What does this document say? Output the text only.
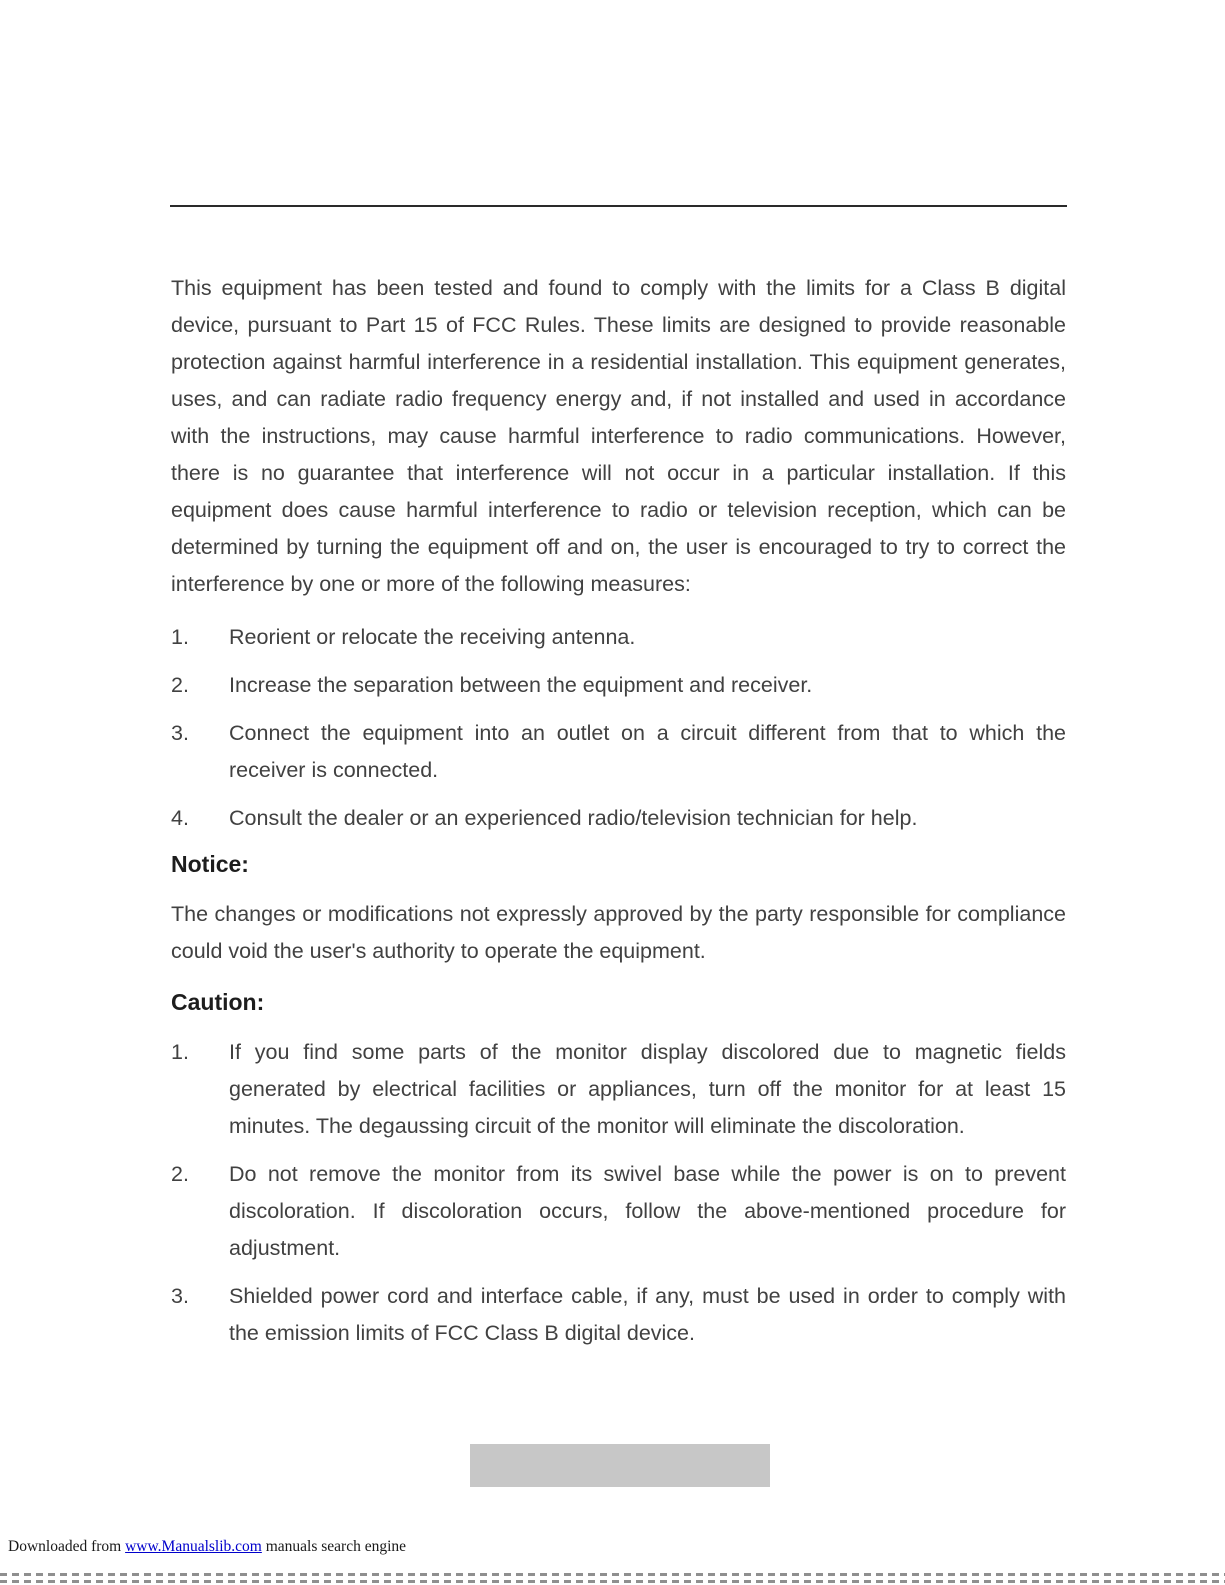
This equipment has been tested and found to comply with the limits for a Class B digital device, pursuant to Part 15 of FCC Rules. These limits are designed to provide reasonable protection against harmful interference in a residential installation. This equipment generates, uses, and can radiate radio frequency energy and, if not installed and used in accordance with the instructions, may cause harmful interference to radio communications. However, there is no guarantee that interference will not occur in a particular installation. If this equipment does cause harmful interference to radio or television reception, which can be determined by turning the equipment off and on, the user is encouraged to try to correct the interference by one or more of the following measures:

1.	Reorient or relocate the receiving antenna.
2.	Increase the separation between the equipment and receiver.
3.	Connect the equipment into an outlet on a circuit different from that to which the receiver is connected.
4.	Consult the dealer or an experienced radio/television technician for help.
Notice:

The changes or modifications not expressly approved by the party responsible for compliance could void the user's authority to operate the equipment.

Caution:
1.	If you find some parts of the monitor display discolored due to magnetic fields generated by electrical facilities or appliances, turn off the monitor for at least 15 minutes. The degaussing circuit of the monitor will eliminate the discoloration.
2.	Do not remove the monitor from its swivel base while the power is on to prevent discoloration. If discoloration occurs, follow the above-mentioned procedure for adjustment.
3.	Shielded power cord and interface cable, if any, must be used in order to comply with the emission limits of FCC Class B digital device.
Downloaded from www.Manualslib.com manuals search engine
